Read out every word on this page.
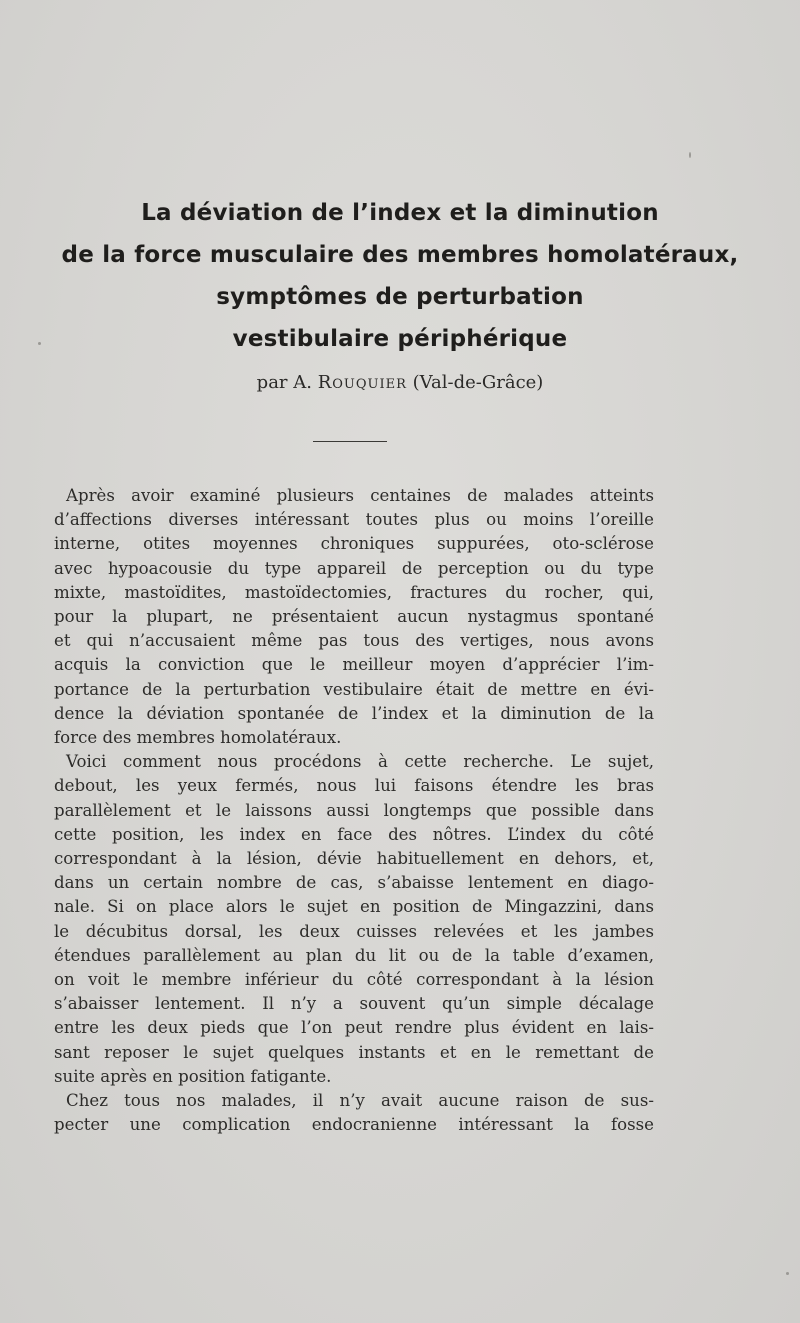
La déviation de l’index et la diminution
de la force musculaire des membres homolatéraux,
symptômes de perturbation
vestibulaire périphérique
par A. Rouquier (Val-de-Grâce)
Après avoir examiné plusieurs centaines de malades atteints
d’affections diverses intéressant toutes plus ou moins l’oreille
interne, otites moyennes chroniques suppurées, oto-sclérose
avec hypoacousie du type appareil de perception ou du type
mixte, mastoïdites, mastoïdectomies, fractures du rocher, qui,
pour la plupart, ne présentaient aucun nystagmus spontané
et qui n’accusaient même pas tous des vertiges, nous avons
acquis la conviction que le meilleur moyen d’apprécier l’im-
portance de la perturbation vestibulaire était de mettre en évi-
dence la déviation spontanée de l’index et la diminution de la
force des membres homolatéraux.
Voici comment nous procédons à cette recherche. Le sujet,
debout, les yeux fermés, nous lui faisons étendre les bras
parallèlement et le laissons aussi longtemps que possible dans
cette position, les index en face des nôtres. L’index du côté
correspondant à la lésion, dévie habituellement en dehors, et,
dans un certain nombre de cas, s’abaisse lentement en diago-
nale. Si on place alors le sujet en position de Mingazzini, dans
le décubitus dorsal, les deux cuisses relevées et les jambes
étendues parallèlement au plan du lit ou de la table d’examen,
on voit le membre inférieur du côté correspondant à la lésion
s’abaisser lentement. Il n’y a souvent qu’un simple décalage
entre les deux pieds que l’on peut rendre plus évident en lais-
sant reposer le sujet quelques instants et en le remettant de
suite après en position fatigante.
Chez tous nos malades, il n’y avait aucune raison de sus-
pecter une complication endocranienne intéressant la fosse
